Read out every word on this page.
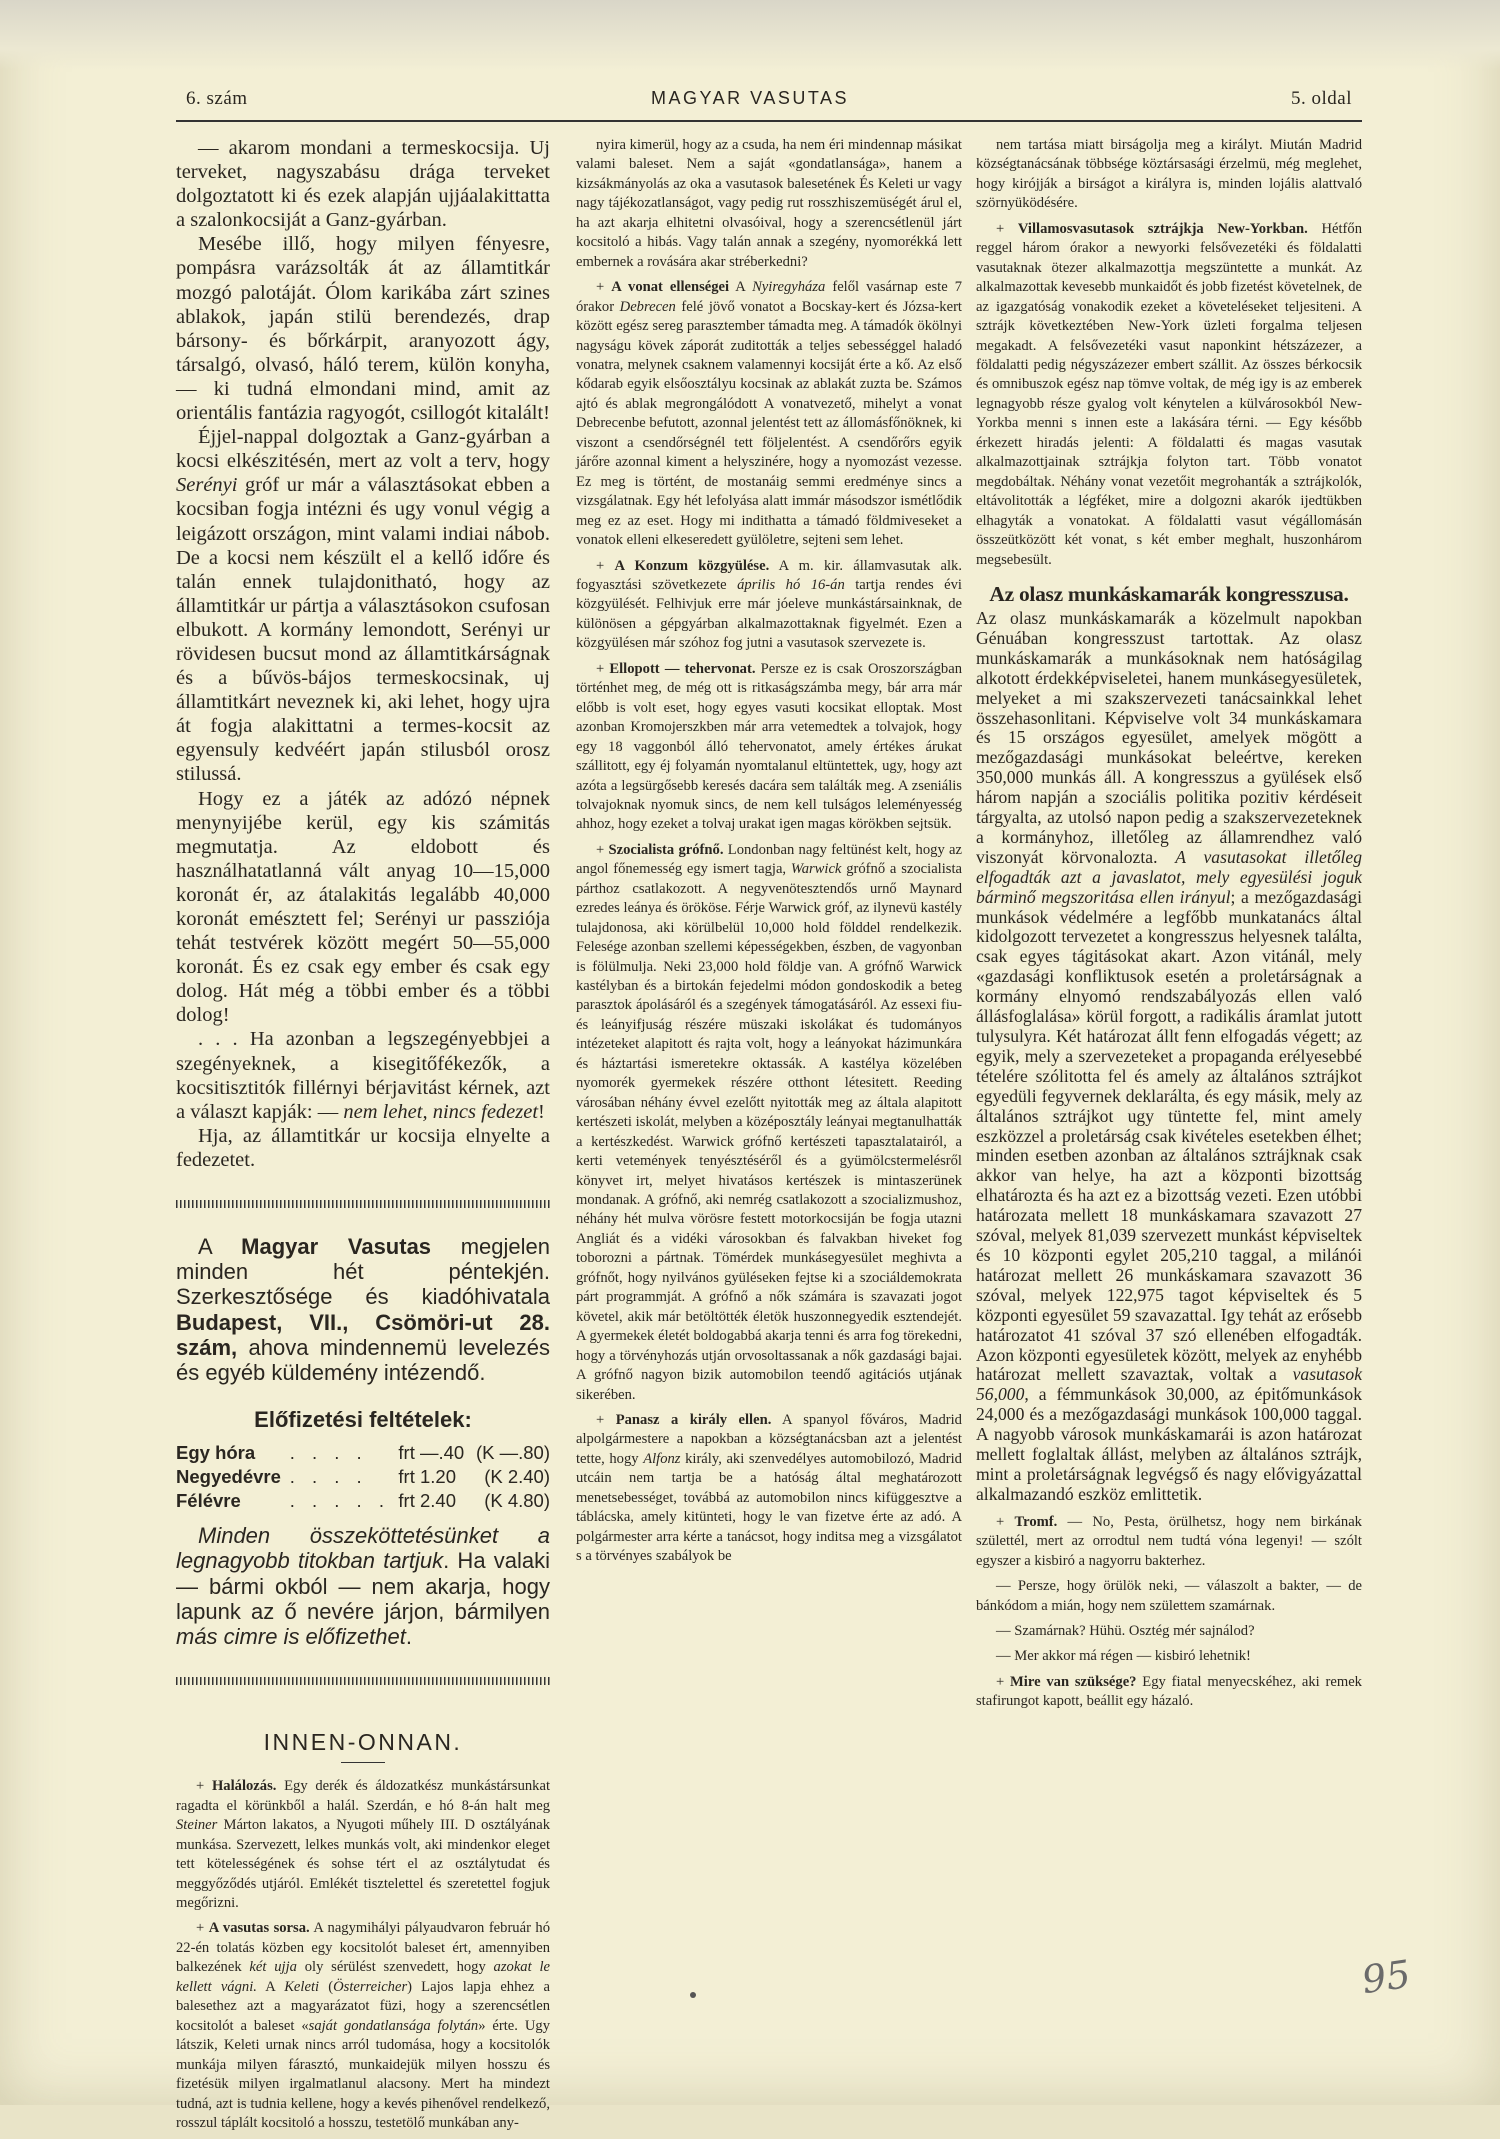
6. szám	MAGYAR VASUTAS	5. oldal

— akarom mondani a termeskocsija. Uj terveket, nagyszabásu drága terveket dolgoztatott ki és ezek alapján ujjáalakittatta a szalonkocsiját a Ganz-gyárban.

Mesébe illő, hogy milyen fényesre, pompásra varázsolták át az államtitkár mozgó palotáját. Ólom karikába zárt szines ablakok, japán stilü berendezés, drap bársony- és bőrkárpit, aranyozott ágy, társalgó, olvasó, háló terem, külön konyha, — ki tudná elmondani mind, amit az orientális fantázia ragyogót, csillogót kitalált!

Éjjel-nappal dolgoztak a Ganz-gyárban a kocsi elkészitésén, mert az volt a terv, hogy Serényi gróf ur már a választásokat ebben a kocsiban fogja intézni és ugy vonul végig a leigázott országon, mint valami indiai nábob. De a kocsi nem készült el a kellő időre és talán ennek tulajdonitható, hogy az államtitkár ur pártja a választásokon csufosan elbukott. A kormány lemondott, Serényi ur rövidesen bucsut mond az államtitkárságnak és a bűvös-bájos termeskocsinak, uj államtitkárt neveznek ki, aki lehet, hogy ujra át fogja alakittatni a termes-kocsit az egyensuly kedvéért japán stilusból orosz stilussá.

Hogy ez a játék az adózó népnek menynyijébe kerül, egy kis számitás megmutatja. Az eldobott és használhatatlanná vált anyag 10—15,000 koronát ér, az átalakitás legalább 40,000 koronát emésztett fel; Serényi ur passziója tehát testvérek között megért 50—55,000 koronát. És ez csak egy ember és csak egy dolog. Hát még a többi ember és a többi dolog!

. . . Ha azonban a legszegényebbjei a szegényeknek, a kisegitőfékezők, a kocsitisztitók fillérnyi bérjavitást kérnek, azt a választ kapják: — nem lehet, nincs fedezet!

Hja, az államtitkár ur kocsija elnyelte a fedezetet.

A Magyar Vasutas megjelen minden hét péntekjén. Szerkesztősége és kiadóhivatala Budapest, VII., Csömöri-ut 28. szám, ahova mindennemü levelezés és egyéb küldemény intézendő.

Előfizetési feltételek:
Egy hóra	. . . .	frt —.40	(K —.80)
Negyedévre	. . . .	frt 1.20	(K 2.40)
Félévre	. . . . .	frt 2.40	(K 4.80)

Minden összeköttetésünket a legnagyobb titokban tartjuk. Ha valaki — bármi okból — nem akarja, hogy lapunk az ő nevére járjon, bármilyen más cimre is előfizethet.

INNEN-ONNAN.

+ Halálozás. Egy derék és áldozatkész munkástársunkat ragadta el körünkből a halál. Szerdán, e hó 8-án halt meg Steiner Márton lakatos, a Nyugoti műhely III. D osztályának munkása. Szervezett, lelkes munkás volt, aki mindenkor eleget tett kötelességének és sohse tért el az osztálytudat és meggyőződés utjáról. Emlékét tisztelettel és szeretettel fogjuk megőrizni.

+ A vasutas sorsa. A nagymihályi pályaudvaron február hó 22-én tolatás közben egy kocsitolót baleset ért, amennyiben balkezének két ujja oly sérülést szenvedett, hogy azokat le kellett vágni. A Keleti (Österreicher) Lajos lapja ehhez a balesethez azt a magyarázatot füzi, hogy a szerencsétlen kocsitolót a baleset «saját gondatlansága folytán» érte. Ugy látszik, Keleti urnak nincs arról tudomása, hogy a kocsitolók munkája milyen fárasztó, munkaidejük milyen hosszu és fizetésük milyen irgalmatlanul alacsony. Mert ha mindezt tudná, azt is tudnia kellene, hogy a kevés pihenővel rendelkező, rosszul táplált kocsitoló a hosszu, testetölő munkában any-

nyira kimerül, hogy az a csuda, ha nem éri mindennap másikat valami baleset. Nem a saját «gondatlansága», hanem a kizsákmányolás az oka a vasutasok balesetének És Keleti ur vagy nagy tájékozatlanságot, vagy pedig rut rosszhiszemüségét árul el, ha azt akarja elhitetni olvasóival, hogy a szerencsétlenül járt kocsitoló a hibás. Vagy talán annak a szegény, nyomorékká lett embernek a rovására akar stréberkedni?

+ A vonat ellenségei A Nyiregyháza felől vasárnap este 7 órakor Debrecen felé jövő vonatot a Bocskay-kert és Józsa-kert között egész sereg parasztember támadta meg. A támadók ökölnyi nagyságu kövek záporát zuditották a teljes sebességgel haladó vonatra, melynek csaknem valamennyi kocsiját érte a kő. Az első kődarab egyik elsőosztályu kocsinak az ablakát zuzta be. Számos ajtó és ablak megrongálódott A vonatvezető, mihelyt a vonat Debrecenbe befutott, azonnal jelentést tett az állomásfőnöknek, ki viszont a csendőrségnél tett följelentést. A csendőrőrs egyik járőre azonnal kiment a helyszinére, hogy a nyomozást vezesse. Ez meg is történt, de mostanáig semmi eredménye sincs a vizsgálatnak. Egy hét lefolyása alatt immár másodszor ismétlődik meg ez az eset. Hogy mi indithatta a támadó földmiveseket a vonatok elleni elkeseredett gyülöletre, sejteni sem lehet.

+ A Konzum közgyülése. A m. kir. államvasutak alk. fogyasztási szövetkezete április hó 16-án tartja rendes évi közgyülését. Felhivjuk erre már jóeleve munkástársainknak, de különösen a gépgyárban alkalmazottaknak figyelmét. Ezen a közgyülésen már szóhoz fog jutni a vasutasok szervezete is.

+ Ellopott — tehervonat. Persze ez is csak Oroszországban történhet meg, de még ott is ritkaságszámba megy, bár arra már előbb is volt eset, hogy egyes vasuti kocsikat elloptak. Most azonban Kromojerszkben már arra vetemedtek a tolvajok, hogy egy 18 vaggonból álló tehervonatot, amely értékes árukat szállitott, egy éj folyamán nyomtalanul eltüntettek, ugy, hogy azt azóta a legsürgősebb keresés dacára sem találták meg. A zseniális tolvajoknak nyomuk sincs, de nem kell tulságos leleményesség ahhoz, hogy ezeket a tolvaj urakat igen magas körökben sejtsük.

+ Szocialista grófnő. Londonban nagy feltünést kelt, hogy az angol főnemesség egy ismert tagja, Warwick grófnő a szocialista párthoz csatlakozott. A negyvenötesztendős urnő Maynard ezredes leánya és örököse. Férje Warwick gróf, az ilynevü kastély tulajdonosa, aki körülbelül 10,000 hold földdel rendelkezik. Felesége azonban szellemi képességekben, észben, de vagyonban is fölülmulja. Neki 23,000 hold földje van. A grófnő Warwick kastélyban és a birtokán fejedelmi módon gondoskodik a beteg parasztok ápolásáról és a szegények támogatásáról. Az essexi fiu- és leányifjuság részére müszaki iskolákat és tudományos intézeteket alapitott és rajta volt, hogy a leányokat házimunkára és háztartási ismeretekre oktassák. A kastélya közelében nyomorék gyermekek részére otthont létesitett. Reeding városában néhány évvel ezelőtt nyitották meg az általa alapitott kertészeti iskolát, melyben a középosztály leányai megtanulhatták a kertészkedést. Warwick grófnő kertészeti tapasztalatairól, a kerti vetemények tenyésztéséről és a gyümölcstermelésről könyvet irt, melyet hivatásos kertészek is mintaszerünek mondanak. A grófnő, aki nemrég csatlakozott a szocializmushoz, néhány hét mulva vörösre festett motorkocsiján be fogja utazni Angliát és a vidéki városokban és falvakban hiveket fog toborozni a pártnak. Tömérdek munkásegyesület meghivta a grófnőt, hogy nyilvános gyüléseken fejtse ki a szociáldemokrata párt programmját. A grófnő a nők számára is szavazati jogot követel, akik már betöltötték életök huszonnegyedik esztendejét. A gyermekek életét boldogabbá akarja tenni és arra fog törekedni, hogy a törvényhozás utján orvosoltassanak a nők gazdasági bajai. A grófnő nagyon bizik automobilon teendő agitációs utjának sikerében.

+ Panasz a király ellen. A spanyol főváros, Madrid alpolgármestere a napokban a községtanácsban azt a jelentést tette, hogy Alfonz király, aki szenvedélyes automobilozó, Madrid utcáin nem tartja be a hatóság által meghatározott menetsebességet, továbbá az automobilon nincs kifüggesztve a táblácska, amely kitünteti, hogy le van fizetve érte az adó. A polgármester arra kérte a tanácsot, hogy inditsa meg a vizsgálatot s a törvényes szabályok be

nem tartása miatt birságolja meg a királyt. Miután Madrid községtanácsának többsége köztársasági érzelmü, még meglehet, hogy kirójják a birságot a királyra is, minden lojális alattvaló szörnyüködésére.

+ Villamosvasutasok sztrájkja New-Yorkban. Hétfőn reggel három órakor a newyorki felsővezetéki és földalatti vasutaknak ötezer alkalmazottja megszüntette a munkát. Az alkalmazottak kevesebb munkaidőt és jobb fizetést követelnek, de az igazgatóság vonakodik ezeket a követeléseket teljesiteni. A sztrájk következtében New-York üzleti forgalma teljesen megakadt. A felsővezetéki vasut naponkint hétszázezer, a földalatti pedig négyszázezer embert szállit. Az összes bérkocsik és omnibuszok egész nap tömve voltak, de még igy is az emberek legnagyobb része gyalog volt kénytelen a külvárosokból New-Yorkba menni s innen este a lakására térni. — Egy később érkezett hiradás jelenti: A földalatti és magas vasutak alkalmazottjainak sztrájkja folyton tart. Több vonatot megdobáltak. Néhány vonat vezetőit megrohanták a sztrájkolók, eltávolitották a légféket, mire a dolgozni akarók ijedtükben elhagyták a vonatokat. A földalatti vasut végállomásán összeütközött két vonat, s két ember meghalt, huszonhárom megsebesült.

Az olasz munkáskamarák kongresszusa.

Az olasz munkáskamarák a közelmult napokban Génuában kongresszust tartottak. Az olasz munkáskamarák a munkásoknak nem hatóságilag alkotott érdekképviseletei, hanem munkásegyesületek, melyeket a mi szakszervezeti tanácsainkkal lehet összehasonlitani. Képviselve volt 34 munkáskamara és 15 országos egyesület, amelyek mögött a mezőgazdasági munkásokat beleértve, kereken 350,000 munkás áll. A kongresszus a gyülések első három napján a szociális politika pozitiv kérdéseit tárgyalta, az utolsó napon pedig a szakszervezeteknek a kormányhoz, illetőleg az államrendhez való viszonyát körvonalozta. A vasutasokat illetőleg elfogadták azt a javaslatot, mely egyesülési joguk bárminő megszoritása ellen irányul; a mezőgazdasági munkások védelmére a legfőbb munkatanács által kidolgozott tervezetet a kongresszus helyesnek találta, csak egyes tágitásokat akart. Azon vitánál, mely «gazdasági konfliktusok esetén a proletárságnak a kormány elnyomó rendszabályozás ellen való állásfoglalása» körül forgott, a radikális áramlat jutott tulysulyra. Két határozat állt fenn elfogadás végett; az egyik, mely a szervezeteket a propaganda erélyesebbé tételére szólitotta fel és amely az általános sztrájkot egyedüli fegyvernek deklarálta, és egy másik, mely az általános sztrájkot ugy tüntette fel, mint amely eszközzel a proletárság csak kivételes esetekben élhet; minden esetben azonban az általános sztrájknak csak akkor van helye, ha azt a központi bizottság elhatározta és ha azt ez a bizottság vezeti. Ezen utóbbi határozata mellett 18 munkáskamara szavazott 27 szóval, melyek 81,039 szervezett munkást képviseltek és 10 központi egylet 205,210 taggal, a milánói határozat mellett 26 munkáskamara szavazott 36 szóval, melyek 122,975 tagot képviseltek és 5 központi egyesület 59 szavazattal. Igy tehát az erősebb határozatot 41 szóval 37 szó ellenében elfogadták. Azon központi egyesületek között, melyek az enyhébb határozat mellett szavaztak, voltak a vasutasok 56,000, a fémmunkások 30,000, az épitőmunkások 24,000 és a mezőgazdasági munkások 100,000 taggal. A nagyobb városok munkáskamarái is azon határozat mellett foglaltak állást, melyben az általános sztrájk, mint a proletárságnak legvégső és nagy elővigyázattal alkalmazandó eszköz emlittetik.

+ Tromf. — No, Pesta, örülhetsz, hogy nem birkának születtél, mert az orrodtul nem tudtá vóna legenyi! — szólt egyszer a kisbiró a nagyorru bakterhez.

— Persze, hogy örülök neki, — válaszolt a bakter, — de bánkódom a mián, hogy nem születtem szamárnak.

— Szamárnak? Hühü. Osztég mér sajnálod?

— Mer akkor má régen — kisbiró lehetnik!

+ Mire van szüksége? Egy fiatal menyecskéhez, aki remek stafirungot kapott, beállit egy házaló.

95
